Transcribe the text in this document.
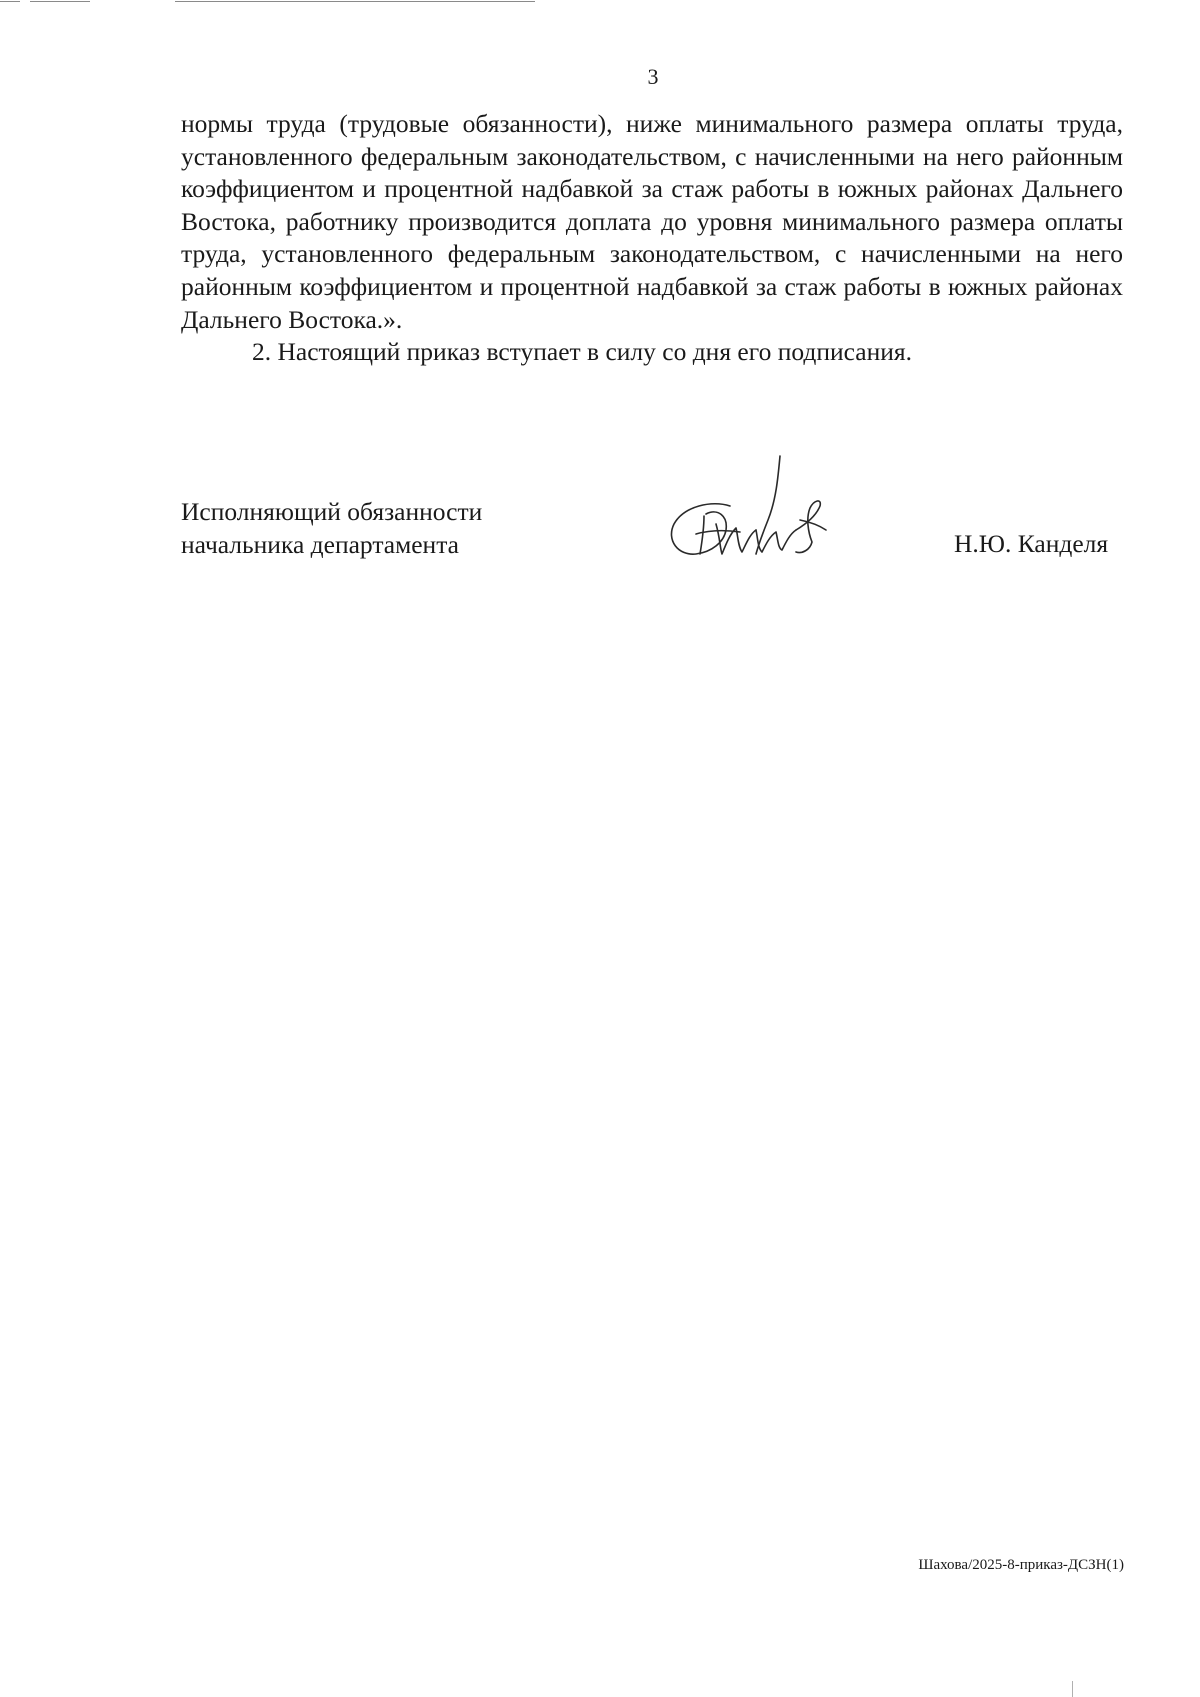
3

нормы труда (трудовые обязанности), ниже минимального размера оплаты труда, установленного федеральным законодательством, с начисленными на него районным коэффициентом и процентной надбавкой за стаж работы в южных районах Дальнего Востока, работнику производится доплата до уровня минимального размера оплаты труда, установленного федеральным законодательством, с начисленными на него районным коэффициентом и процентной надбавкой за стаж работы в южных районах Дальнего Востока.».

2. Настоящий приказ вступает в силу со дня его подписания.

Исполняющий обязанности
начальника департамента	Н.Ю. Канделя
Шахова/2025-8-приказ-ДСЗН(1)
